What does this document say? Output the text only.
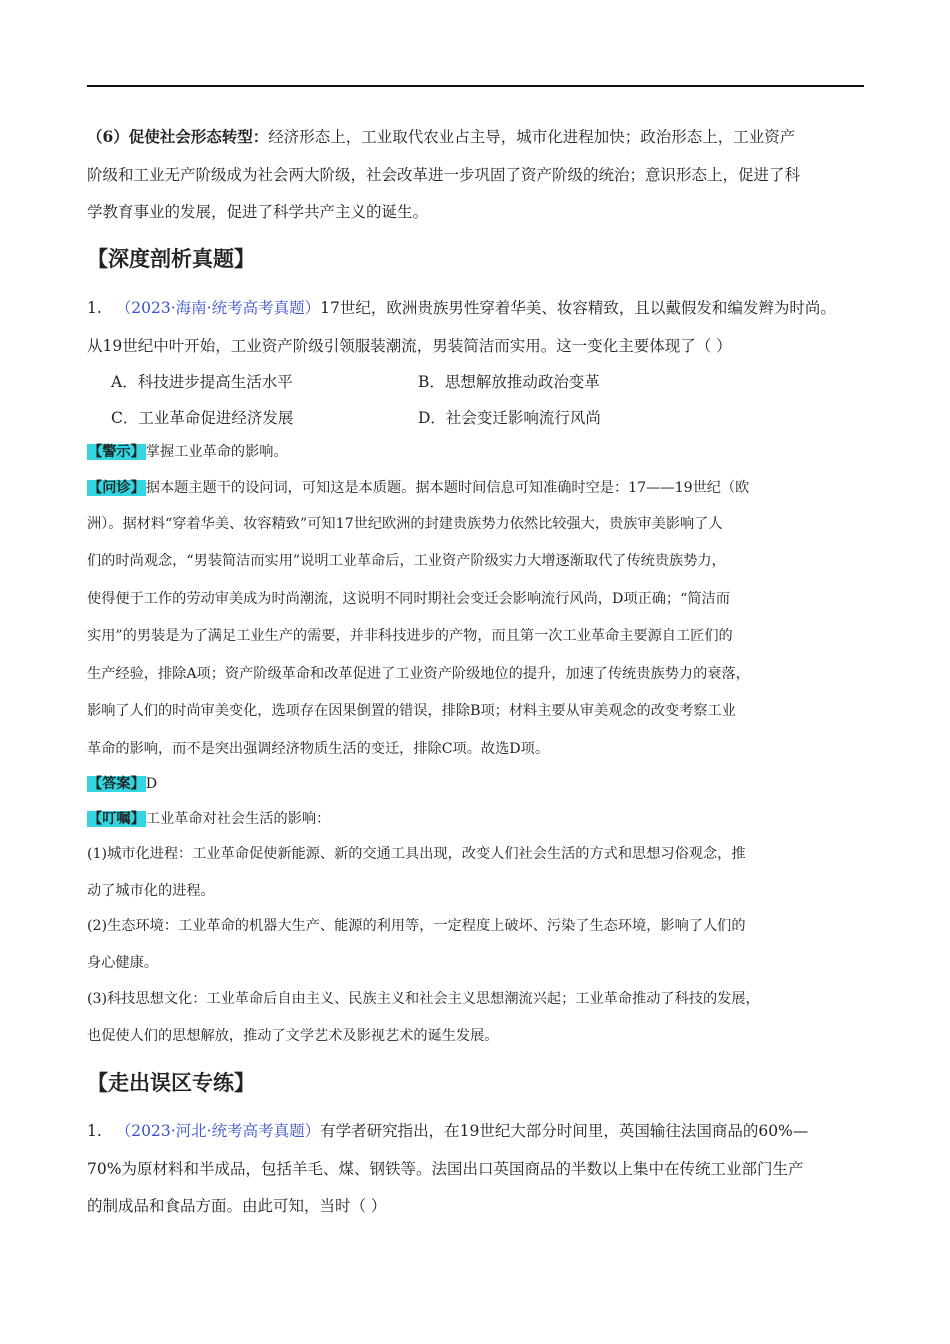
（6）促使社会形态转型：经济形态上，工业取代农业占主导，城市化进程加快；政治形态上，工业资产
阶级和工业无产阶级成为社会两大阶级，社会改革进一步巩固了资产阶级的统治；意识形态上，促进了科
学教育事业的发展，促进了科学共产主义的诞生。
【深度剖析真题】
1. （2023·海南·统考高考真题）17世纪，欧洲贵族男性穿着华美、妆容精致，且以戴假发和编发辫为时尚。
从19世纪中叶开始，工业资产阶级引领服装潮流，男装简洁而实用。这一变化主要体现了（ ）
A．科技进步提高生活水平	B．思想解放推动政治变革
C．工业革命促进经济发展	D．社会变迁影响流行风尚
【警示】掌握工业革命的影响。
【问诊】据本题主题干的设问词，可知这是本质题。据本题时间信息可知准确时空是：17——19世纪（欧
洲）。据材料“穿着华美、妆容精致”可知17世纪欧洲的封建贵族势力依然比较强大，贵族审美影响了人
们的时尚观念，“男装简洁而实用”说明工业革命后，工业资产阶级实力大增逐渐取代了传统贵族势力，
使得便于工作的劳动审美成为时尚潮流，这说明不同时期社会变迁会影响流行风尚，D项正确；“简洁而
实用”的男装是为了满足工业生产的需要，并非科技进步的产物，而且第一次工业革命主要源自工匠们的
生产经验，排除A项；资产阶级革命和改革促进了工业资产阶级地位的提升，加速了传统贵族势力的衰落，
影响了人们的时尚审美变化，选项存在因果倒置的错误，排除B项；材料主要从审美观念的改变考察工业
革命的影响，而不是突出强调经济物质生活的变迁，排除C项。故选D项。
【答案】D
【叮嘱】工业革命对社会生活的影响：
(1)城市化进程：工业革命促使新能源、新的交通工具出现，改变人们社会生活的方式和思想习俗观念，推
动了城市化的进程。
(2)生态环境：工业革命的机器大生产、能源的利用等，一定程度上破坏、污染了生态环境，影响了人们的
身心健康。
(3)科技思想文化：工业革命后自由主义、民族主义和社会主义思想潮流兴起；工业革命推动了科技的发展，
也促使人们的思想解放，推动了文学艺术及影视艺术的诞生发展。
【走出误区专练】
1. （2023·河北·统考高考真题）有学者研究指出，在19世纪大部分时间里，英国输往法国商品的60%—
70%为原材料和半成品，包括羊毛、煤、钢铁等。法国出口英国商品的半数以上集中在传统工业部门生产
的制成品和食品方面。由此可知，当时（ ）
